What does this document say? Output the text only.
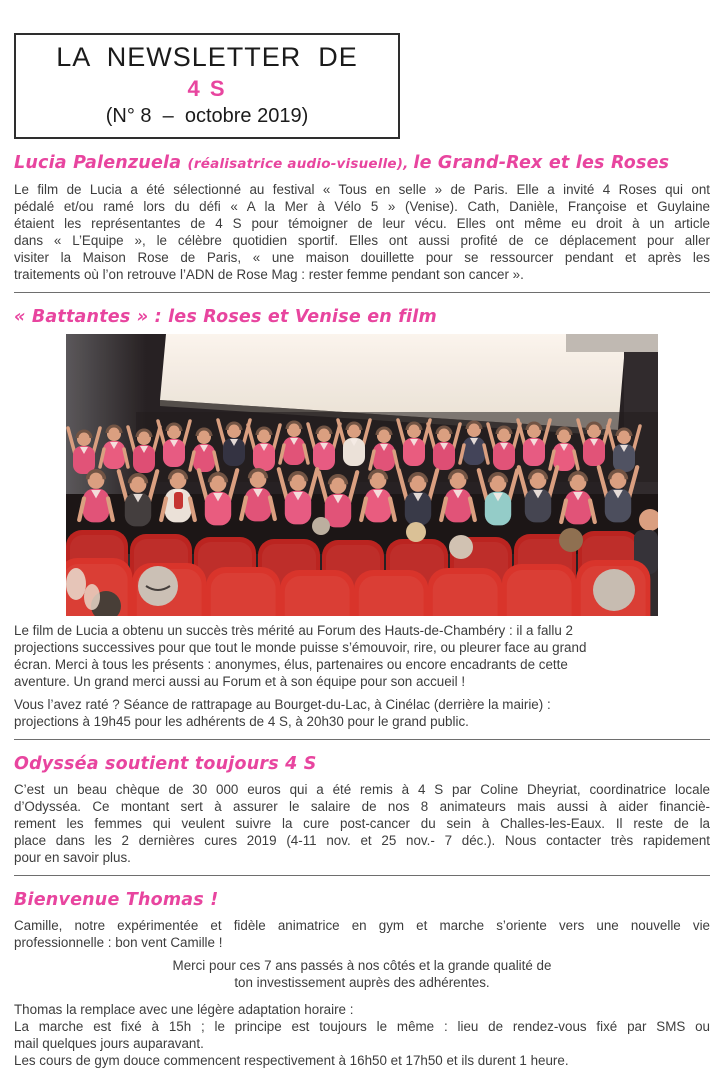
LA  NEWSLETTER  DE
4 S
(N° 8  –  octobre 2019)
Lucia Palenzuela (réalisatrice audio-visuelle), le Grand-Rex et les Roses
Le film de Lucia a été sélectionné au festival « Tous en selle » de Paris. Elle a invité 4 Roses qui ont
pédalé et/ou ramé lors du défi « A la Mer à Vélo 5 » (Venise). Cath, Danièle, Françoise et Guylaine
étaient les représentantes de 4 S pour témoigner de leur vécu. Elles ont même eu droit à un article
dans « L’Equipe », le célèbre quotidien sportif. Elles ont aussi profité de ce déplacement pour aller
visiter la Maison Rose de Paris, « une maison douillette pour se ressourcer pendant et après les
traitements où l’on retrouve l’ADN de Rose Mag : rester femme pendant son cancer ».
« Battantes » : les Roses et Venise en film
Le film de Lucia a obtenu un succès très mérité au Forum des Hauts-de-Chambéry : il a fallu 2
projections successives pour que tout le monde puisse s’émouvoir, rire, ou pleurer face au grand
écran. Merci à tous les présents : anonymes, élus, partenaires ou encore encadrants de cette
aventure. Un grand merci aussi au Forum et à son équipe pour son accueil !
Vous l’avez raté ? Séance de rattrapage au Bourget-du-Lac, à Cinélac (derrière la mairie) :
projections à 19h45 pour les adhérents de 4 S, à 20h30 pour le grand public.
Odysséa soutient toujours 4 S
C’est un beau chèque de 30 000 euros qui a été remis à 4 S par Coline Dheyriat, coordinatrice locale
d’Odysséa. Ce montant sert à assurer le salaire de nos 8 animateurs mais aussi à aider financiè-
rement les femmes qui veulent suivre la cure post-cancer du sein à Challes-les-Eaux. Il reste de la
place dans les 2 dernières cures 2019 (4-11 nov. et 25 nov.- 7 déc.). Nous contacter très rapidement
pour en savoir plus.
Bienvenue Thomas !
Camille, notre expérimentée et fidèle animatrice en gym et marche s’oriente vers une nouvelle vie
professionnelle : bon vent Camille !
Merci pour ces 7 ans passés à nos côtés et la grande qualité de
ton investissement auprès des adhérentes.
Thomas la remplace avec une légère adaptation horaire :
La marche est fixé à 15h ; le principe est toujours le même : lieu de rendez-vous fixé par SMS ou
mail quelques jours auparavant.
Les cours de gym douce commencent respectivement à 16h50 et 17h50 et ils durent 1 heure.
